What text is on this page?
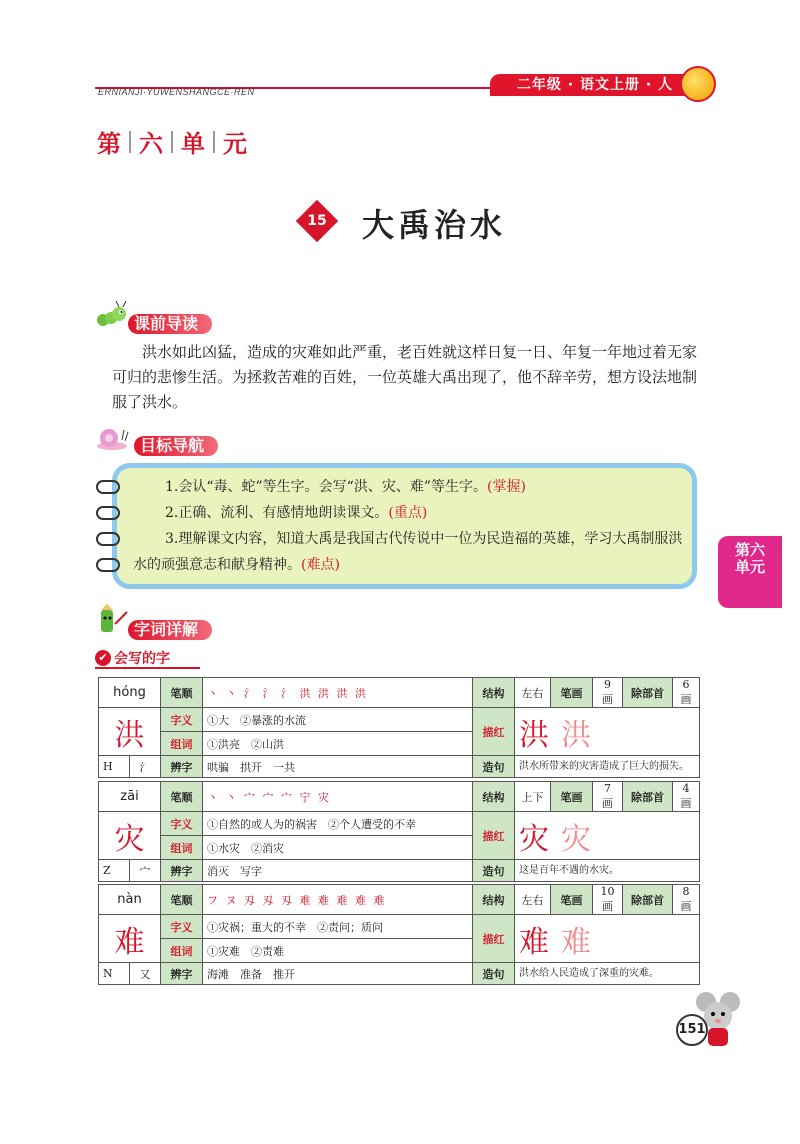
ERNIANJI·YUWENSHANGCE·REN	二年级 · 语文上册 · 人
第 六 单 元
15 大禹治水
课前导读
洪水如此凶猛，造成的灾难如此严重，老百姓就这样日复一日、年复一年地过着无家可归的悲惨生活。为拯救苦难的百姓，一位英雄大禹出现了，他不辞辛劳，想方设法地制服了洪水。
目标导航
1.会认“毒、蛇”等生字。会写“洪、灾、难”等生字。(掌握)
2.正确、流利、有感情地朗读课文。(重点)
3.理解课文内容，知道大禹是我国古代传说中一位为民造福的英雄，学习大禹制服洪水的顽强意志和献身精神。(难点)
第六
单元
字词详解
✔ 会写的字
hóng		笔顺	丶 丶 氵 氵 氵 洪 洪 洪 洪	结构	左右	笔画	9 画	除部首	6 画
洪		字义	①大　②暴涨的水流	描红	洪 洪				
		组词	①洪亮　②山洪						
H	氵	辨字	哄骗　拱开　一共	造句	洪水所带来的灾害造成了巨大的损失。				
zāi		笔顺	丶 丶 宀 宀 宀 宁 灾	结构	上下	笔画	7 画	除部首	4 画
灾		字义	①自然的或人为的祸害　②个人遭受的不幸	描红	灾 灾				
		组词	①水灾　②消灾						
Z	宀	辨字	消灭　写字	造句	这是百年不遇的水灾。				
nàn		笔顺	フ ヌ 刄 刄 刄 难 难 难 难 难	结构	左右	笔画	10 画	除部首	8 画
难		字义	①灾祸；重大的不幸　②责问；质问	描红	难 难				
		组词	①灾难　②责难						
N	又	辨字	海滩　准备　推开	造句	洪水给人民造成了深重的灾难。				
151
